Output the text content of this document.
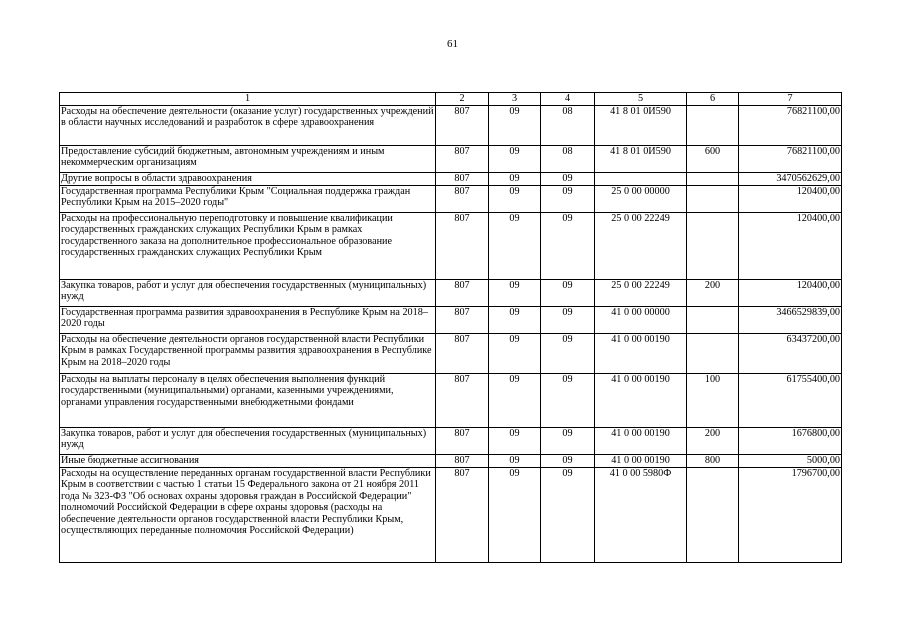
61
1	2	3	4	5	6	7
Расходы на обеспечение деятельности (оказание услуг) государственных учреждений в области научных исследований и разработок в сфере здравоохранения	807	09	08	41 8 01 0И590		76821100,00
Предоставление субсидий бюджетным, автономным учреждениям и иным некоммерческим организациям	807	09	08	41 8 01 0И590	600	76821100,00
Другие вопросы в области здравоохранения	807	09	09			3470562629,00
Государственная программа Республики Крым "Социальная поддержка граждан Республики Крым на 2015–2020 годы"	807	09	09	25 0 00 00000		120400,00
Расходы на профессиональную переподготовку и повышение квалификации государственных гражданских служащих Республики Крым в рамках государственного заказа на дополнительное профессиональное образование государственных гражданских служащих Республики Крым	807	09	09	25 0 00 22249		120400,00
Закупка товаров, работ и услуг для обеспечения государственных (муниципальных) нужд	807	09	09	25 0 00 22249	200	120400,00
Государственная программа развития здравоохранения в Республике Крым на 2018–2020 годы	807	09	09	41 0 00 00000		3466529839,00
Расходы на обеспечение деятельности органов государственной власти Республики Крым в рамках Государственной программы развития здравоохранения в Республике Крым на 2018–2020 годы	807	09	09	41 0 00 00190		63437200,00
Расходы на выплаты персоналу в целях обеспечения выполнения функций государственными (муниципальными) органами, казенными учреждениями, органами управления государственными внебюджетными фондами	807	09	09	41 0 00 00190	100	61755400,00
Закупка товаров, работ и услуг для обеспечения государственных (муниципальных) нужд	807	09	09	41 0 00 00190	200	1676800,00
Иные бюджетные ассигнования	807	09	09	41 0 00 00190	800	5000,00
Расходы на осуществление переданных органам государственной власти Республики Крым в соответствии с частью 1 статьи 15 Федерального закона от 21 ноября 2011 года № 323-ФЗ "Об основах охраны здоровья граждан в Российской Федерации" полномочий Российской Федерации в сфере охраны здоровья (расходы на обеспечение деятельности органов государственной власти Республики Крым, осуществляющих переданные полномочия Российской Федерации)	807	09	09	41 0 00 5980Ф		1796700,00
